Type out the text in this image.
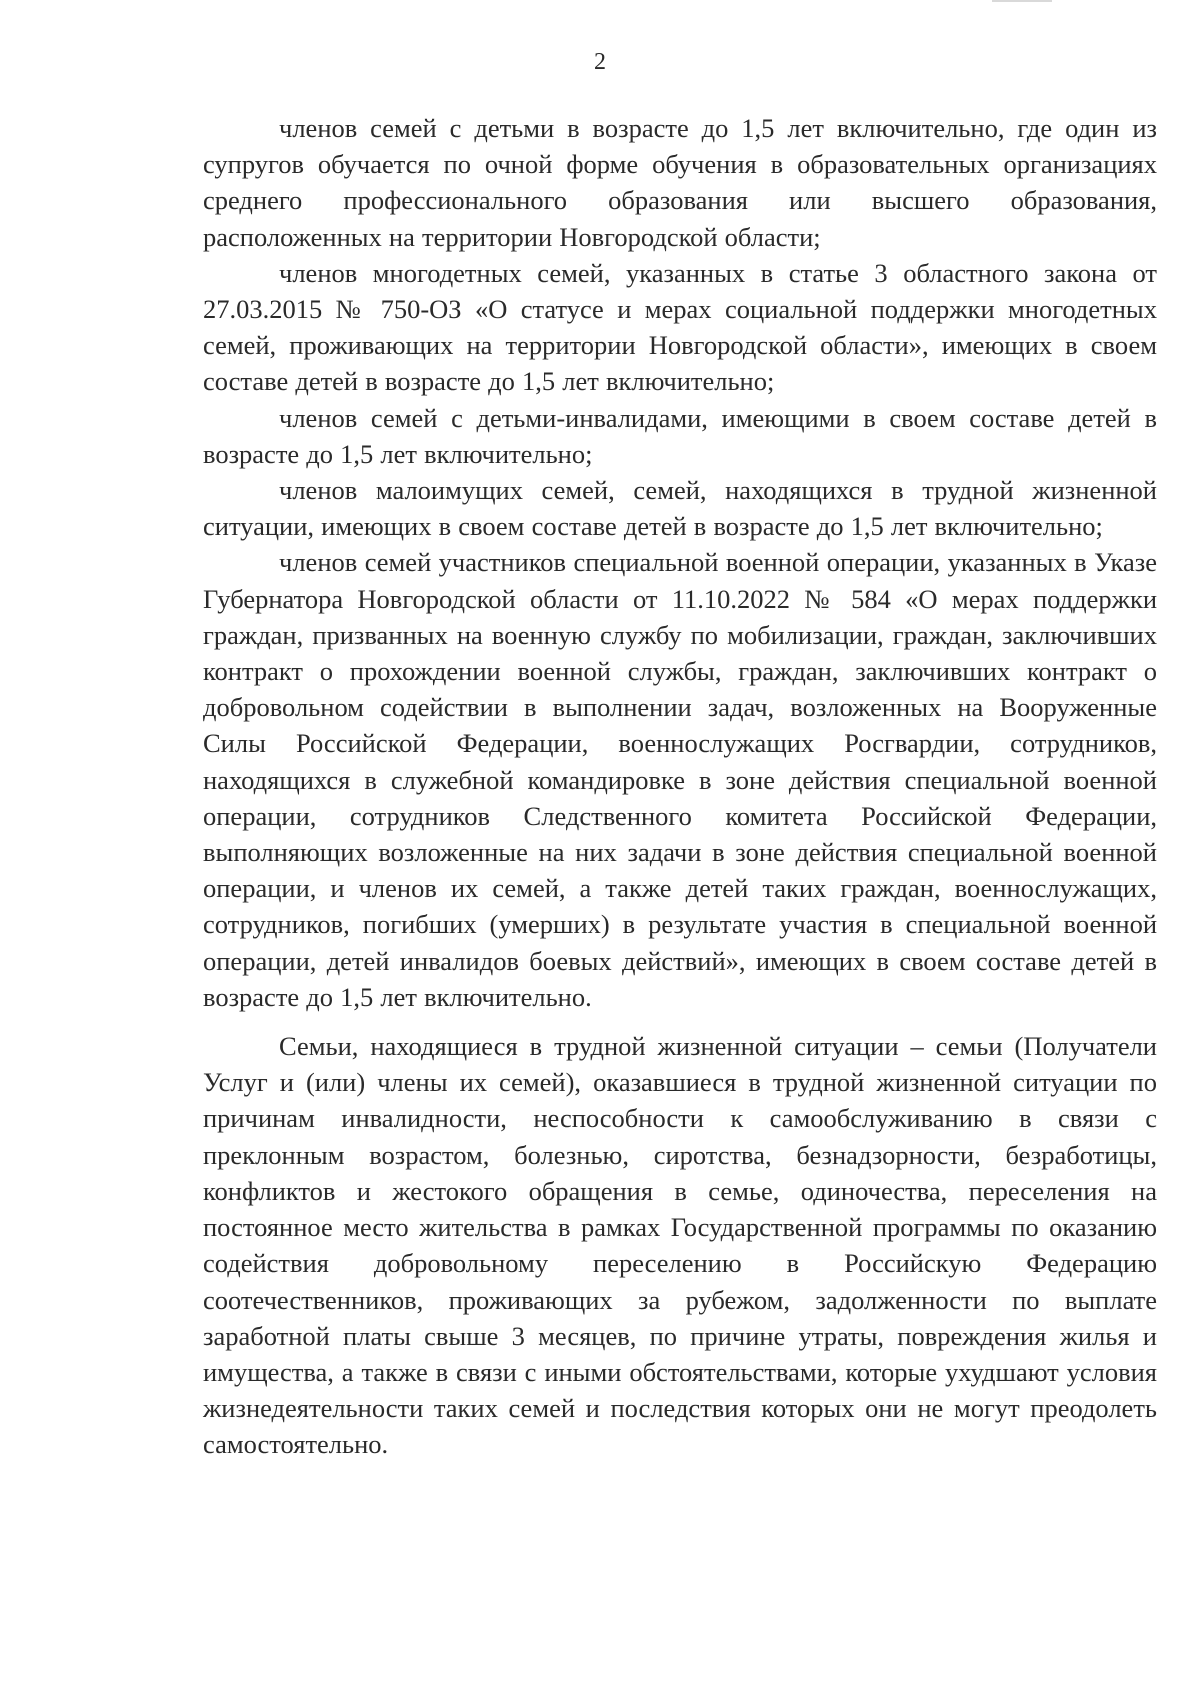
2

членов семей с детьми в возрасте до 1,5 лет включительно, где один из супругов обучается по очной форме обучения в образовательных организациях среднего профессионального образования или высшего образования, расположенных на территории Новгородской области;

членов многодетных семей, указанных в статье 3 областного закона от 27.03.2015 № 750-ОЗ «О статусе и мерах социальной поддержки многодетных семей, проживающих на территории Новгородской области», имеющих в своем составе детей в возрасте до 1,5 лет включительно;

членов семей с детьми-инвалидами, имеющими в своем составе детей в возрасте до 1,5 лет включительно;

членов малоимущих семей, семей, находящихся в трудной жизненной ситуации, имеющих в своем составе детей в возрасте до 1,5 лет включительно;

членов семей участников специальной военной операции, указанных в Указе Губернатора Новгородской области от 11.10.2022 № 584 «О мерах поддержки граждан, призванных на военную службу по мобилизации, граждан, заключивших контракт о прохождении военной службы, граждан, заключивших контракт о добровольном содействии в выполнении задач, возложенных на Вооруженные Силы Российской Федерации, военнослужащих Росгвардии, сотрудников, находящихся в служебной командировке в зоне действия специальной военной операции, сотрудников Следственного комитета Российской Федерации, выполняющих возложенные на них задачи в зоне действия специальной военной операции, и членов их семей, а также детей таких граждан, военнослужащих, сотрудников, погибших (умерших) в результате участия в специальной военной операции, детей инвалидов боевых действий», имеющих в своем составе детей в возрасте до 1,5 лет включительно.

Семьи, находящиеся в трудной жизненной ситуации – семьи (Получатели Услуг и (или) члены их семей), оказавшиеся в трудной жизненной ситуации по причинам инвалидности, неспособности к самообслуживанию в связи с преклонным возрастом, болезнью, сиротства, безнадзорности, безработицы, конфликтов и жестокого обращения в семье, одиночества, переселения на постоянное место жительства в рамках Государственной программы по оказанию содействия добровольному переселению в Российскую Федерацию соотечественников, проживающих за рубежом, задолженности по выплате заработной платы свыше 3 месяцев, по причине утраты, повреждения жилья и имущества, а также в связи с иными обстоятельствами, которые ухудшают условия жизнедеятельности таких семей и последствия которых они не могут преодолеть самостоятельно.
